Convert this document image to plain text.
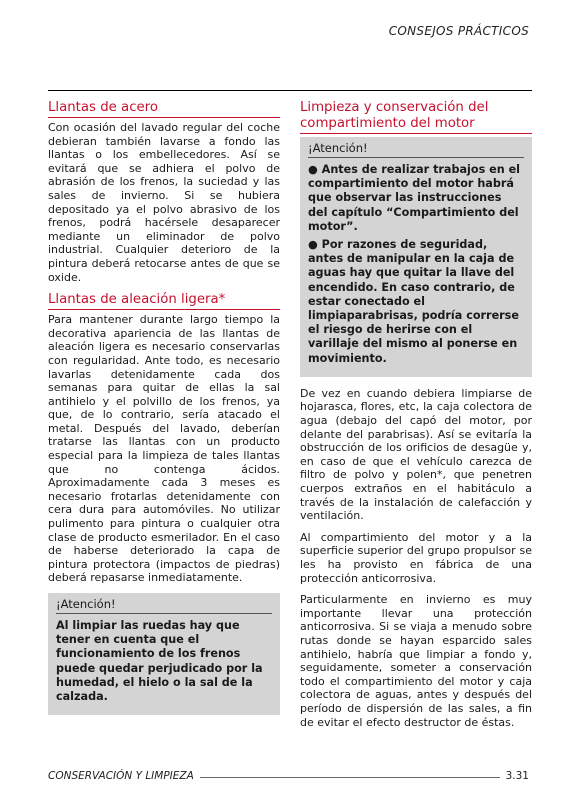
CONSEJOS PRÁCTICOS
Llantas de acero

Con ocasión del lavado regular del coche debieran también lavarse a fondo las llantas o los embellecedores. Así se evitará que se adhiera el polvo de abrasión de los frenos, la suciedad y las sales de invierno. Si se hubiera depositado ya el polvo abrasivo de los frenos, podrá hacérsele desaparecer mediante un eliminador de polvo industrial. Cualquier deterioro de la pintura deberá retocarse antes de que se oxide.

Llantas de aleación ligera*

Para mantener durante largo tiempo la decorativa apariencia de las llantas de aleación ligera es necesario conservarlas con regularidad. Ante todo, es necesario lavarlas detenidamente cada dos semanas para quitar de ellas la sal antihielo y el polvillo de los frenos, ya que, de lo contrario, sería atacado el metal. Después del lavado, deberían tratarse las llantas con un producto especial para la limpieza de tales llantas que no contenga ácidos. Aproximadamente cada 3 meses es necesario frotarlas detenidamente con cera dura para automóviles. No utilizar pulimento para pintura o cualquier otra clase de producto esmerilador. En el caso de haberse deteriorado la capa de pintura protectora (impactos de piedras) deberá repasarse inmediatamente.

¡Atención!

Al limpiar las ruedas hay que tener en cuenta que el funcionamiento de los frenos puede quedar perjudicado por la humedad, el hielo o la sal de la calzada.

Limpieza y conservación del compartimiento del motor
¡Atención!

● Antes de realizar trabajos en el compartimiento del motor habrá que observar las instrucciones del capítulo “Compartimiento del motor”.

● Por razones de seguridad, antes de manipular en la caja de aguas hay que quitar la llave del encendido. En caso contrario, de estar conectado el limpiaparabrisas, podría correrse el riesgo de herirse con el varillaje del mismo al ponerse en movimiento.

De vez en cuando debiera limpiarse de hojarasca, flores, etc, la caja colectora de agua (debajo del capó del motor, por delante del parabrisas). Así se evitaría la obstrucción de los orificios de desagüe y, en caso de que el vehículo carezca de filtro de polvo y polen*, que penetren cuerpos extraños en el habitáculo a través de la instalación de calefacción y ventilación.

Al compartimiento del motor y a la superficie superior del grupo propulsor se les ha provisto en fábrica de una protección anticorrosiva.

Particularmente en invierno es muy importante llevar una protección anticorrosiva. Si se viaja a menudo sobre rutas donde se hayan esparcido sales antihielo, habría que limpiar a fondo y, seguidamente, someter a conservación todo el compartimiento del motor y caja colectora de aguas, antes y después del período de dispersión de las sales, a fin de evitar el efecto destructor de éstas.

CONSERVACIÓN Y LIMPIEZA	3.31
